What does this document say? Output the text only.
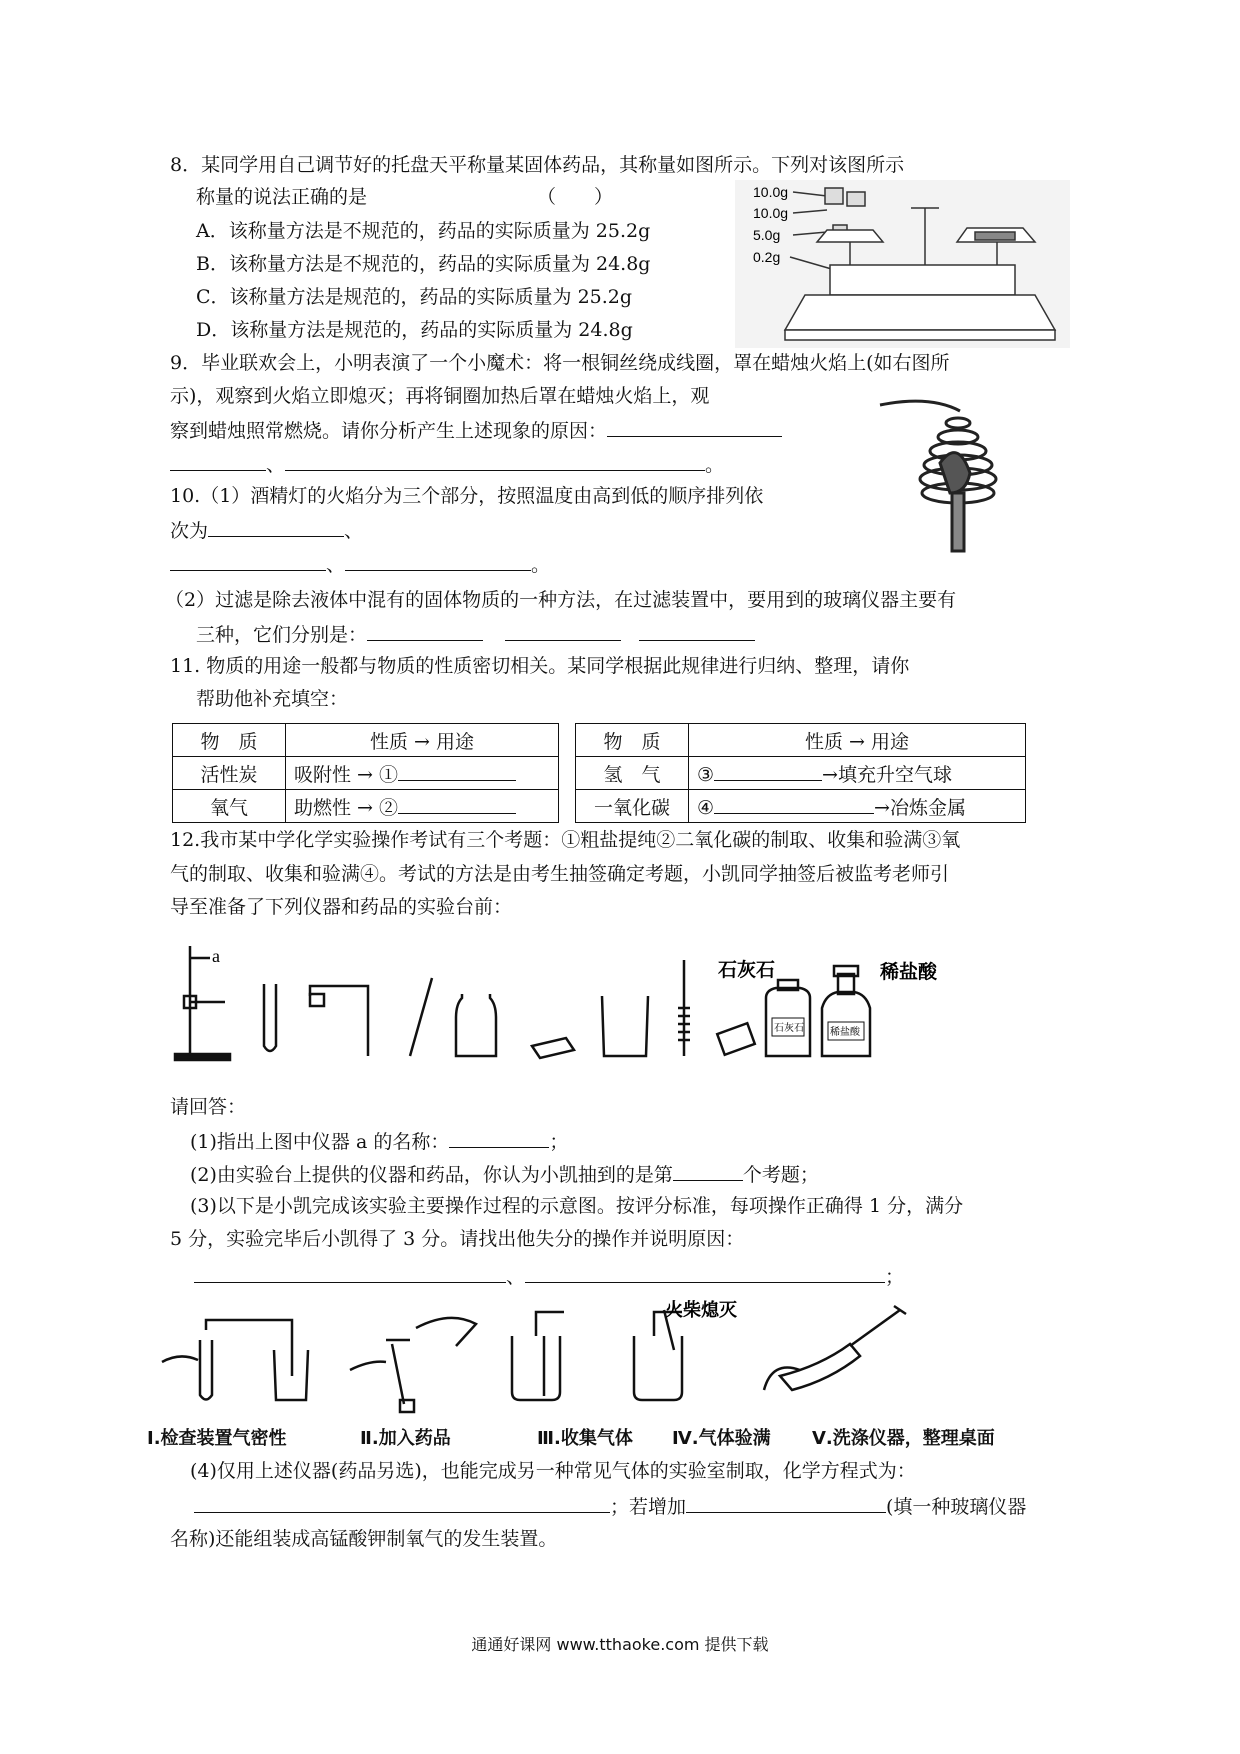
8．某同学用自己调节好的托盘天平称量某固体药品，其称量如图所示。下列对该图所示
称量的说法正确的是	（　　）
A．该称量方法是不规范的，药品的实际质量为 25.2g
B．该称量方法是不规范的，药品的实际质量为 24.8g
C．该称量方法是规范的，药品的实际质量为 25.2g
D．该称量方法是规范的，药品的实际质量为 24.8g
10.0g
10.0g
5.0g
0.2g
9．毕业联欢会上，小明表演了一个小魔术：将一根铜丝绕成线圈，罩在蜡烛火焰上(如右图所
示)，观察到火焰立即熄灭；再将铜圈加热后罩在蜡烛火焰上，观
察到蜡烛照常燃烧。请你分析产生上述现象的原因：
、	。
10.（1）酒精灯的火焰分为三个部分，按照温度由高到低的顺序排列依
次为	、
、	。
（2）过滤是除去液体中混有的固体物质的一种方法，在过滤装置中，要用到的玻璃仪器主要有
三种，它们分别是：
11. 物质的用途一般都与物质的性质密切相关。某同学根据此规律进行归纳、整理，请你
帮助他补充填空：
物　质	性质 → 用途		物　质	性质 → 用途
活性炭	吸附性 → ①		氢　气	③ →填充升空气球
氧气	助燃性 → ②		一氧化碳	④ →冶炼金属
12.我市某中学化学实验操作考试有三个考题：①粗盐提纯②二氧化碳的制取、收集和验满③氧
气的制取、收集和验满④。考试的方法是由考生抽签确定考题，小凯同学抽签后被监考老师引
导至准备了下列仪器和药品的实验台前：
石灰石	稀盐酸
a
石灰石	稀盐酸
请回答：
(1)指出上图中仪器 a 的名称：	；
(2)由实验台上提供的仪器和药品，你认为小凯抽到的是第	个考题；
(3)以下是小凯完成该实验主要操作过程的示意图。按评分标准，每项操作正确得 1 分，满分
5 分，实验完毕后小凯得了 3 分。请找出他失分的操作并说明原因：
、	；
火柴熄灭
Ⅰ.检查装置气密性	Ⅱ.加入药品	Ⅲ.收集气体 Ⅳ.气体验满 Ⅴ.洗涤仪器，整理桌面
(4)仅用上述仪器(药品另选)，也能完成另一种常见气体的实验室制取，化学方程式为：
；若增加	(填一种玻璃仪器
名称)还能组装成高锰酸钾制氧气的发生装置。
通通好课网 www.tthaoke.com 提供下载
